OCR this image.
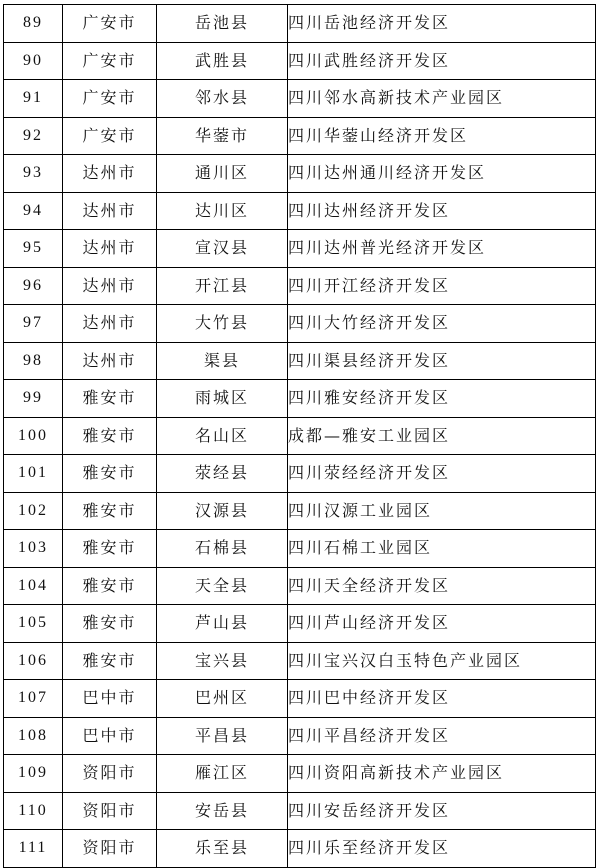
89	广安市	岳池县	四川岳池经济开发区
90	广安市	武胜县	四川武胜经济开发区
91	广安市	邻水县	四川邻水高新技术产业园区
92	广安市	华蓥市	四川华蓥山经济开发区
93	达州市	通川区	四川达州通川经济开发区
94	达州市	达川区	四川达州经济开发区
95	达州市	宣汉县	四川达州普光经济开发区
96	达州市	开江县	四川开江经济开发区
97	达州市	大竹县	四川大竹经济开发区
98	达州市	渠县	四川渠县经济开发区
99	雅安市	雨城区	四川雅安经济开发区
100	雅安市	名山区	成都—雅安工业园区
101	雅安市	荥经县	四川荥经经济开发区
102	雅安市	汉源县	四川汉源工业园区
103	雅安市	石棉县	四川石棉工业园区
104	雅安市	天全县	四川天全经济开发区
105	雅安市	芦山县	四川芦山经济开发区
106	雅安市	宝兴县	四川宝兴汉白玉特色产业园区
107	巴中市	巴州区	四川巴中经济开发区
108	巴中市	平昌县	四川平昌经济开发区
109	资阳市	雁江区	四川资阳高新技术产业园区
110	资阳市	安岳县	四川安岳经济开发区
111	资阳市	乐至县	四川乐至经济开发区
